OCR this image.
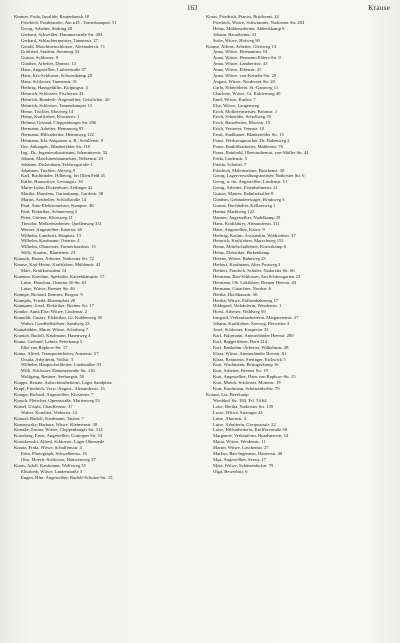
163	Krause
Kramer, Frida, Invalide, Rautenbusch 18
Friedrich, Postbeamter, Am.n.D., Turnerkampstr. 51
Georg, Arbeiter, Südring 20
Gerhard, Schweißer, Dammerstraße Str. 404
Gerhard, Schlachtermeister, Tannenstr. 27
Gerald, Maschinenschlosser, Alexanderstr. 71
Gottfried, Student, Steinweg 33
Gustav, Schlosser, 9
Günther, Arbeiter, Domstr. 13
Hans, Angestellter, Lutherstraße 37
Hans, Kfz-Schlosser, Schwertkamp 28
Hans, Schlosser, Tannenstr. 31
Hedwig, Hausgehilfin, Kolpingstr. 4
Heinrich, Schlosser, Fischerstr. 41
Heinrich, Bundesb.-Angestellter, Geistlicher, 20
Heinrich, Schlosser, Tannenkamper 13
Heinz, Tischler, Eberweg 14
Heinz, Kraftfahrer, Klosterstr. 1
Helmut, Gesund, Cloppenburger Str. 296
Hermann, Arbeiter, Hemmweg 95
Hermann, Hilfsarbeiter, Hemmweg 122
Hermann, Kfz-Ausputzer u. R., Schillerstr. 9
Ilse, Ankergeb., Blankefelder Str. 110
Ing., Dr., Ingenieurkaufmann, Johanniterstr. 32
Johann, Maschinenbaumeister, Nelkenstr. 23
Johanne, Dickenhorn, Feldwegstraße 1
Johannes, Tischler, Ahrweg 9
Karl, Buchbinder, Hilbeorg, Im Ollen Feld 41
Käthe, Hauswitwe, Lessingstr. 30
Marie-Luise, Dickenhorn, Zeilinger 42
Martha, Hausfrau, Gartenkamp, Gardestr. 38
Martin, Arzthelfer, Schloßstraße 14
Paul, Auto-Elektromeister, Kampstr. 48
Paul, Elektriker, Schmerweg 3
Peter, Gärtner, Kluosweg 11
Theodor, Molkereiarbeiter, Quellenweg 331
Werner, Angestellter, Ittnerstr. 40
Wilhelm, Landwirt, Hauptstr. 13
Wilhelm, Kaufmann, Ostertor 4
Wilhelm, Obmeister, Farmerhaushstr. 15
Willy, Kaufm., Blumenstr. 23
Krausch, Bruno, Arbeiter, Nadorster Str. 72
Krause, Karl-Heinz, Kraftfahrer, Mühlenstr. 41
Marc, Kraftkonsulent 14
Kraemer, Karoline, Spezialin, Katzenkampstr. 17
Luise, Hausfrau, Ostertor 50 Str. 61
Luise, Witwe, Bremer Str. 46
Krampe, Richard, Rentner, Borgstr. 9
Kramplis, Frieda, Eharenplatz 28
Krampner, Josef, Elektriker, Bremer Str. 17
Kranke, Anna Else, Witwe, Lindenstr. 2
Kranoldt, Gustav, Elektriker, Gr. Kuhlenweg 30
Walter, Goedhelfslehrer, Sandweg 23
Kranzbühler, Marie, Witwe, Schulweg 7
Kranich, Rudolf, Kaufmann, Hasenweg 4
Kranz, Gerhard, Lehrer, Peterkamp 5
Elke von Rapkow-Str. 17
Kranz, Alfred, Transportarbeiter, Austerstr. 57
Ursula, Arbeiterin, Vollstr. 3
Wilhelm, Hauptschriftleiter, Lindenallee 33
Willi, Schlosser, Dammerstraße Str. 116
Wolfgang, Rentner, Seeburgstr. 50
Krapps, Renate, Aufsichtsarbeiterin, Lager Sandplatz
Krapf, Friedrich, Verw.-Angest., Alexanderstr. 13
Kraupe, Richard, Angestellter, Klosterstr. 7
Krasch, Fleischer, Opernstraße, Marienweg 53
Krasel, Ursula, Chauffeurstr. 37
Walter, Konditor, Weberstr. 14
Krassel, Rudolf, Kaufmann, Tauber. 7
Krasnowsky, Barbara, Witwe, Kleimenstr. 38
Krasske, Emma, Witwe, Cloppenburger Str. 314
Krassberg, Ernst, Angestellter, Gottorper Str. 53
Krasskowski, Alfred, Schlosser, Lager Ohmstede
Kraatz, Frida, Witwe, Schaffensstr. 4
Frita, Photograph, Schwalbenstr. 16
Otto, Moech.-Schlosser, Hanssenweg 37
Kraus, Adolf, Kaufmann, Wolfsweg 35
Elisabeth, Witwe, Lindenstraße 3
Eugen, Hfm. Angestellter, Rudolf-Schulze-Str. 15
Kraus, Friedrich, Pianist, Brückenst. 24
Friedrich, Witwe, Schwimmer, Nadorster Str. 204
Heinz, Mühlenarbeiter, Abbeckkamp 6
Johann, Bauarbeiter, 21
Sofie, Witwe, Hofweg 90
Krause, Alfons, Arbeiter, Gleisweg 13
Anna, Witwe, Hermannstr. 61
Anna, Witwe, Hermann Ehlers-Str. 9
Anna, Witwe, Lambertistr. 43
Anna, Witwe, Eibenstr. 25
Anna, Witwe, von-Ketteler-Str. 29
August, Witwe, Nordersee Str. 20
Carla, Schneiderin, St.-Gamweg 11
Charlotte, Witwe, Gr. Kuhlenweg 40
Emil, Witwe, Karlstr. 7
Else, Witwe, Langenweg
Erich, Molkereimeister, Brömstr. 1
Erich, Schneider, Schollweg 39
Erich, Bauarbeiter, Moorstr. 15
Erich, Vertreter, Vennstr. 18
Ernst, Stadtbauer, Blankefelder Str. 13
Franz, Werkzeugmacher, Dr. Bakenweg 2
Franz, Bauhilfsarbeiter, Mühlenstr. 76
Franz, Reinhold, Oberstudienrat, von-Müller Str. 44
Frida, Lindenstr. 5
Frieda, Schulstr. 7
Friedrich, Malermeister, Brückenst. 30
Georg, Lagerverwaltungsmeister, Nadorster Str. 6
Georg, u. fm. Angestellter, Lindenstr. 51
Georg, Arbeiter, Eisenbahnerstr. 21
Gustav, Maurer, Bahnhofsallee 8
Günther, Gebäudereiniger, Brinkweg 3
Gustav, Buchhalter, Köllnerweg 1
Hanna, Marktweg 122
Hannes, Angestellter, Nadelkamp 29
Hans, Kraftfahrer, Alexanderstr. 311
Hans, Angestellter, Kaistr. 9
Hedwig, Kaufm. Assistentin, Wildrodestr. 37
Heinrich, Kraftfahrer, Marschweg 152
Heinz, Mittelschullehrer, Kruwskamp 6
Heinz, Elektriker, Birkenkamp
Helene, Witwe, Bahnweg 25
Herbert, Kaufmann, Alter Postweg 2
Herbert, Fondsch. Schüler, Nadorster Str. 66
Hermann, Bau-Schlosser, Am Schlossgarten 23
Hermann, Ob. Lokführer, Bremer Heerstr. 44
Hermann, Gutachter, Nordstr. 6
Hertha, Hochhausstr. 36
Hertha, Witwe, Pulfsenbahnweg 17
Hildegard, Verkäuferin, Wendenstr. 1
Horst, Arbeiter, Waldweg 59
Irmgard, Verkaufsarbeiterin, Margaretenstr. 27
Johann, Kraftfahrer, Saxweg, Berwicke 4
Josef, Schlosser, Kaspertor 33
Karl, Fuhrmann, Ammerländer Heerstr. 280
Karl, Baggerführer, Bern 214
Karl, Bankobm.-Arbeiter, Wilhelmstr. 28
Klara, Witwe, Ammerländer Heerstr. 61
Klara, Rentnerin, Sieringer, Eickwick 5
Kurt, Wachmann, Beringerkamp 16
Kurt, Arbeiter, Bremer Str. 19
Kurt, Angestellter, Hans von Rapkow-Str. 15
Kurt, Masch.-Schlosser, Mottestr. 19
Kurt, Kaufmann, Schützenhofstr. 79
Krause, Lia, Beerkamp
Wieddorf Str. 180, Tel. 54 64
Lotte, Bertha, Nadorster Str. 139
Lucie, Witwe, Sieringer 23
Luise, Ahornstr. 4
Luise, Arbeiterin, Gorrpustsstr. 22
Luise, Hilfsarbeiterin, Kniffkerstraße 38
Margarete, Verkäuferin, Hundsmerstr. 14
Maria, Witwe, Weidenstr. 11
Martin, Witwe, Laschenstr. 27
Markus, Bau-Ingenieur, Hauersstr. 48
Max, Angestellter, Seestr. 17
Meta, Witwe, Schützenhofstr. 79
Olga, Bewerbstr. 6
